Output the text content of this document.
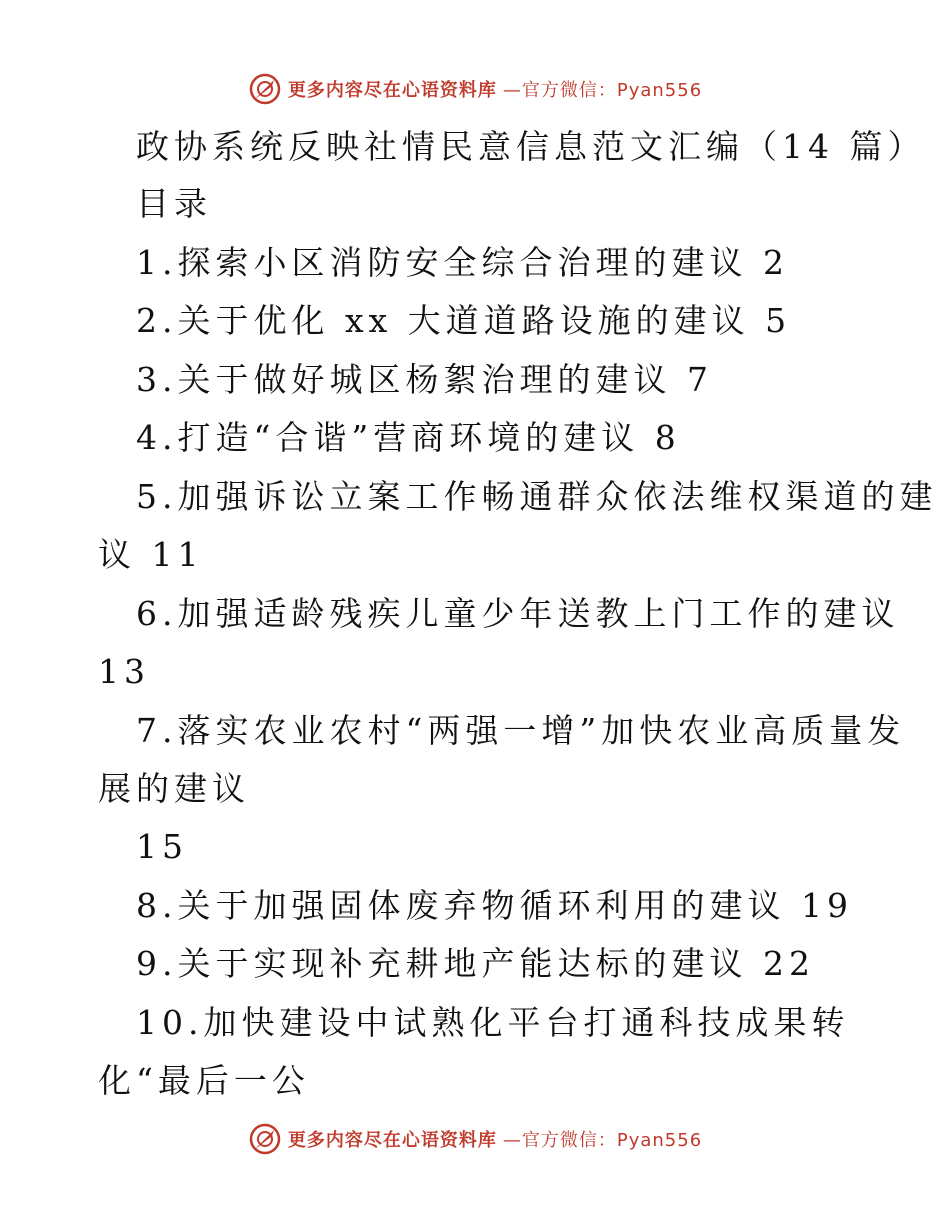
更多内容尽在心语资料库 —官方微信：Pyan556
政协系统反映社情民意信息范文汇编（14 篇）
目录
1.探索小区消防安全综合治理的建议 2
2.关于优化 xx 大道道路设施的建议 5
3.关于做好城区杨絮治理的建议 7
4.打造“合谐”营商环境的建议 8
5.加强诉讼立案工作畅通群众依法维权渠道的建
议 11
6.加强适龄残疾儿童少年送教上门工作的建议
13
7.落实农业农村“两强一增”加快农业高质量发
展的建议
15
8.关于加强固体废弃物循环利用的建议 19
9.关于实现补充耕地产能达标的建议 22
10.加快建设中试熟化平台打通科技成果转
化“最后一公
更多内容尽在心语资料库 —官方微信：Pyan556
